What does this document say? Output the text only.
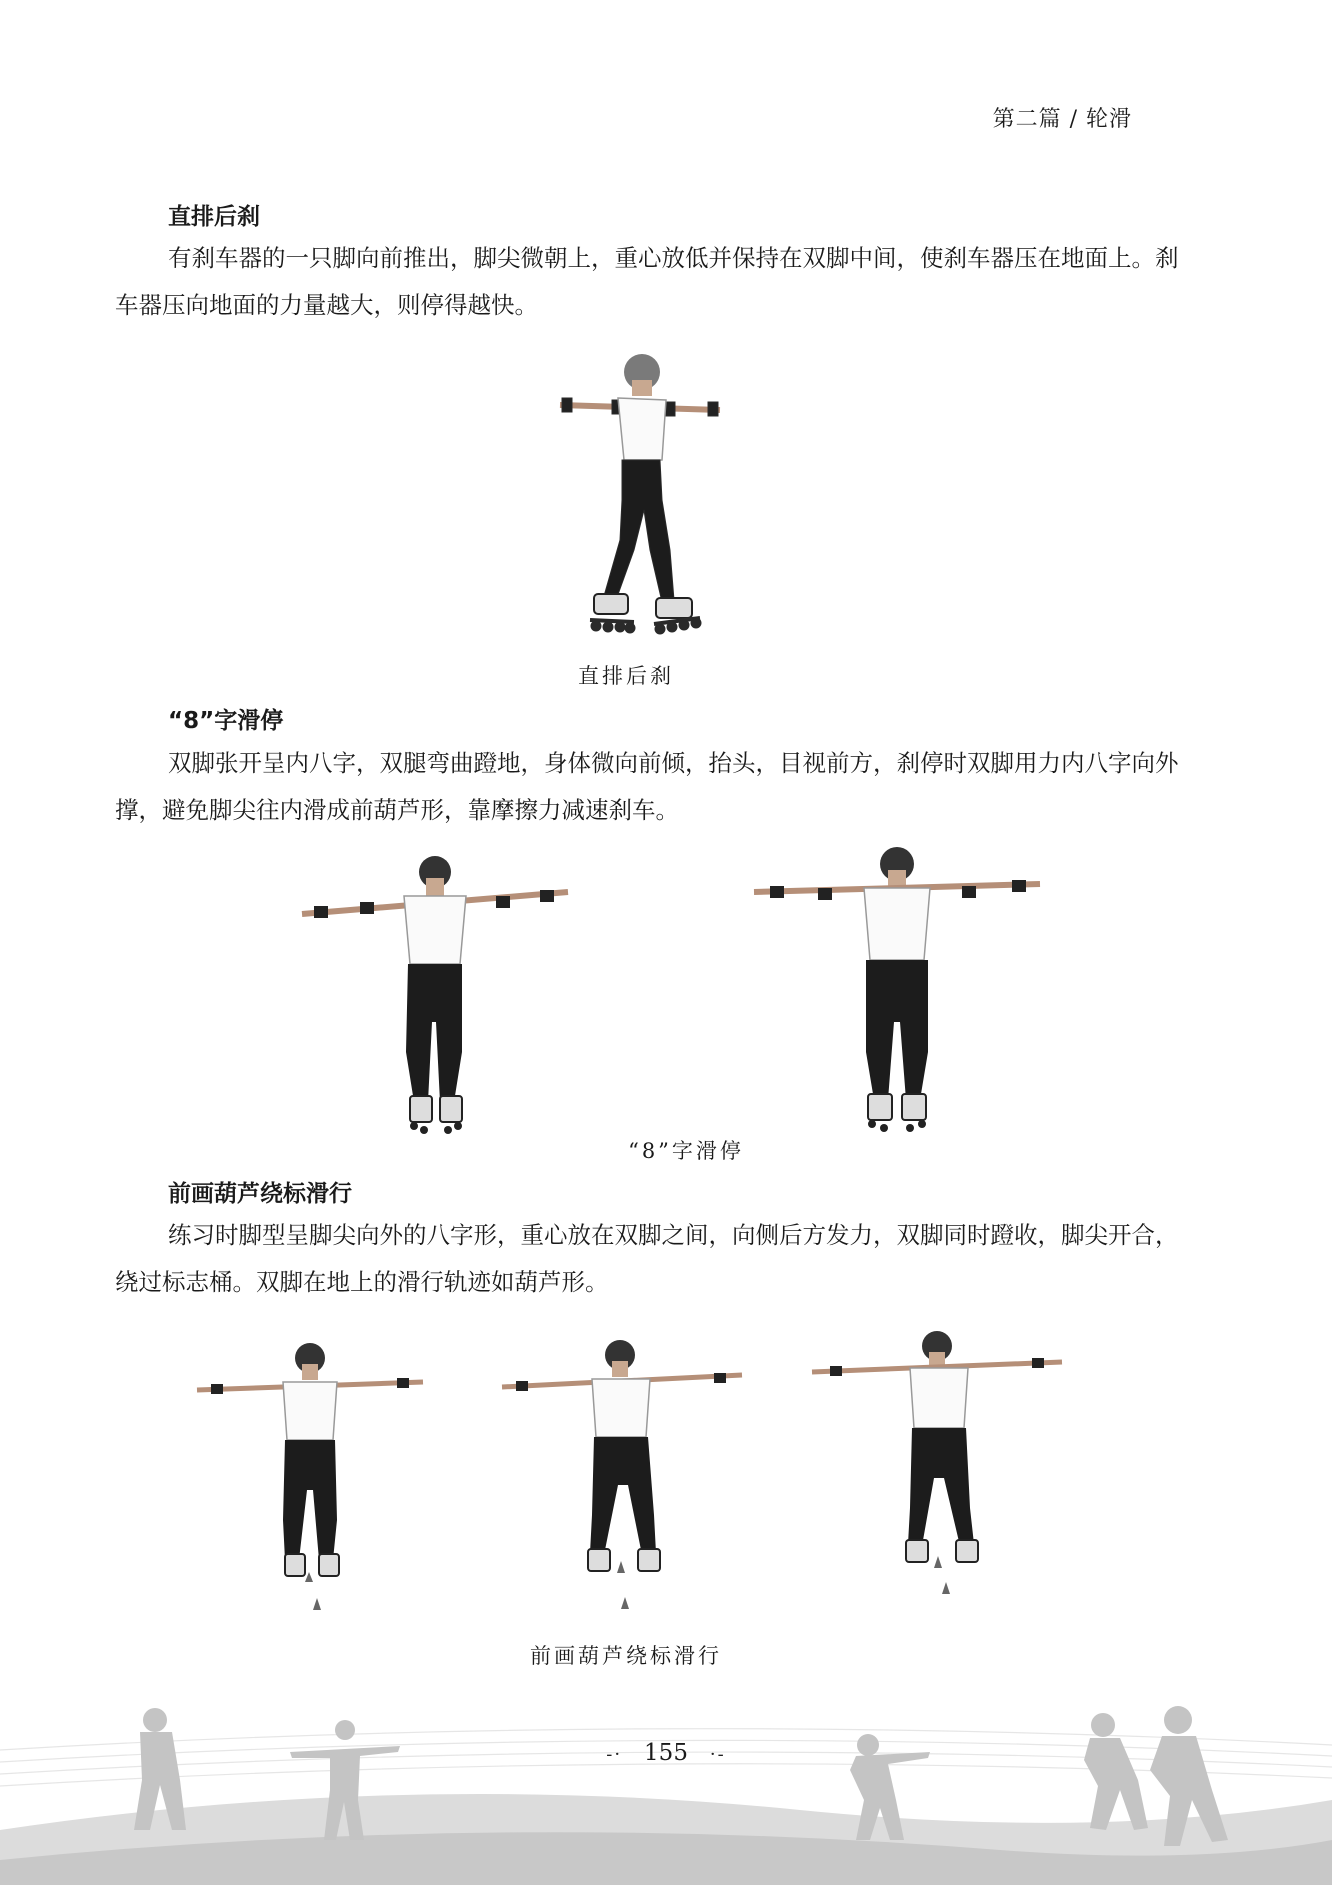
第二篇 / 轮滑
直排后刹
有刹车器的一只脚向前推出，脚尖微朝上，重心放低并保持在双脚中间，使刹车器压在地面上。刹车器压向地面的力量越大，则停得越快。
直排后刹
“8”字滑停
双脚张开呈内八字，双腿弯曲蹬地，身体微向前倾，抬头，目视前方，刹停时双脚用力内八字向外撑，避免脚尖往内滑成前葫芦形，靠摩擦力减速刹车。
“8”字滑停
前画葫芦绕标滑行
练习时脚型呈脚尖向外的八字形，重心放在双脚之间，向侧后方发力，双脚同时蹬收，脚尖开合，绕过标志桶。双脚在地上的滑行轨迹如葫芦形。
前画葫芦绕标滑行
-· 155 ·-
